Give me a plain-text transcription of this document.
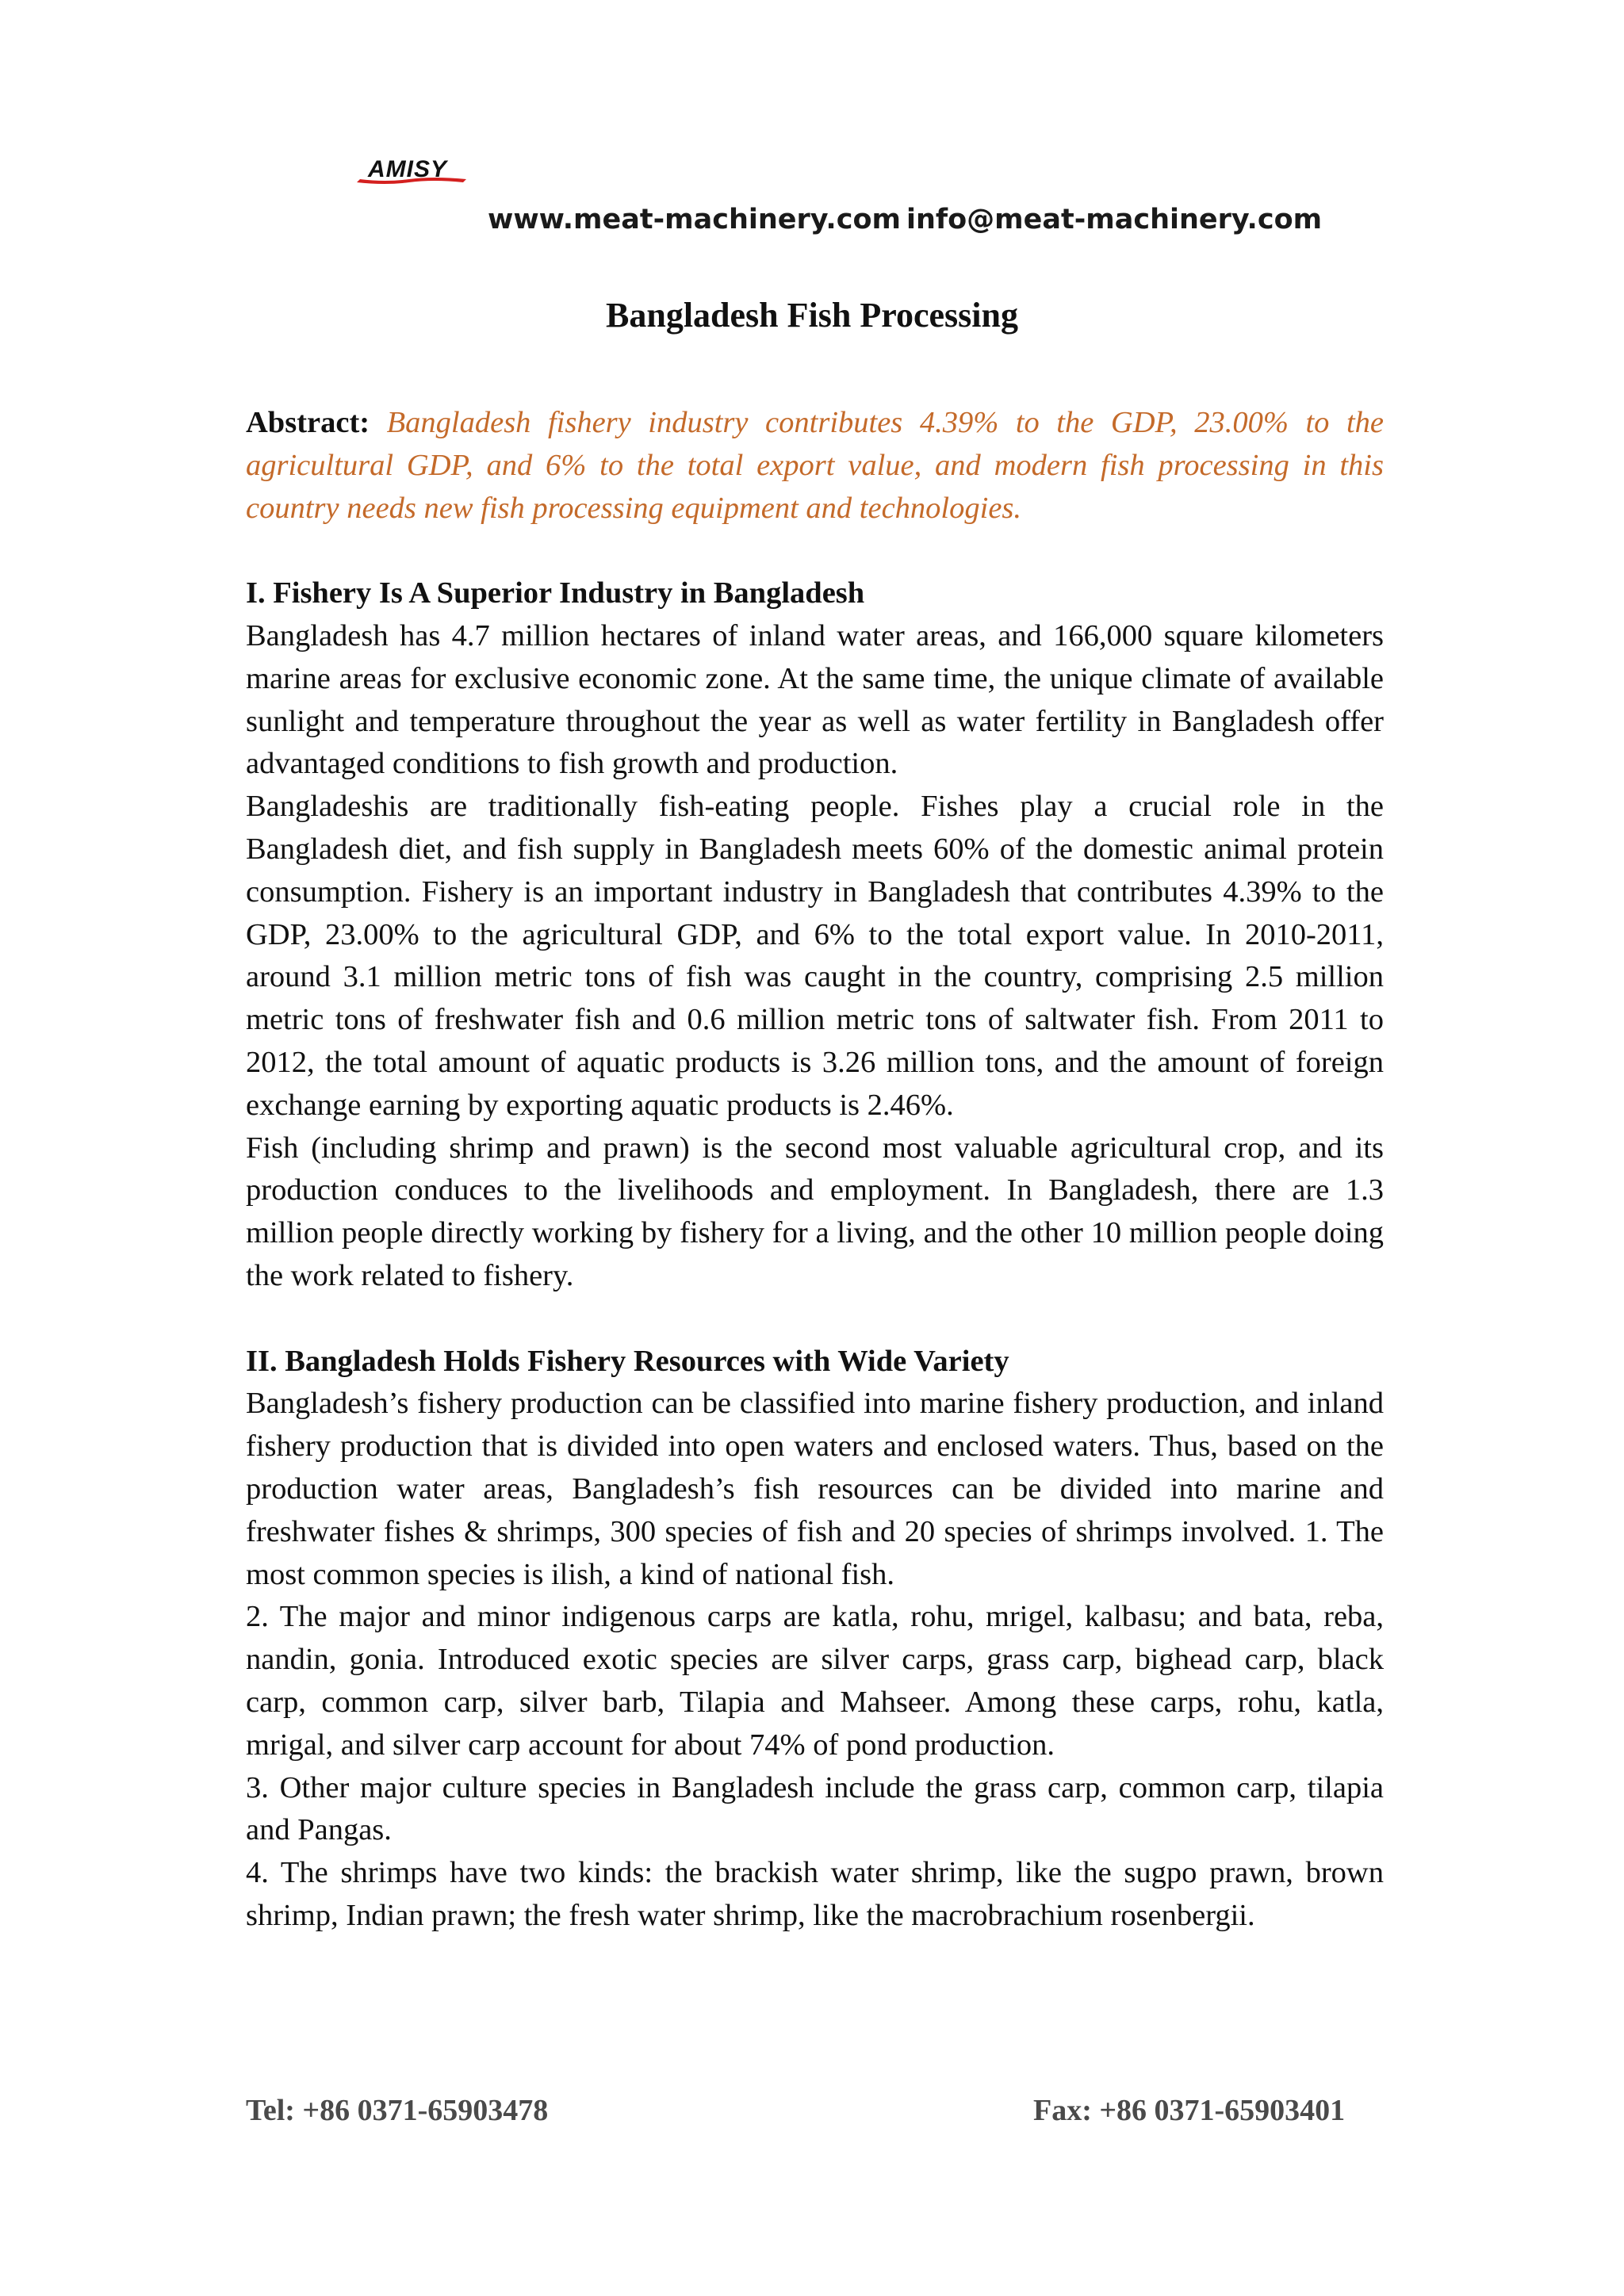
AMISY
www.meat-machinery.com info@meat-machinery.com
Bangladesh Fish Processing

Abstract: Bangladesh fishery industry contributes 4.39% to the GDP, 23.00% to the agricultural GDP, and 6% to the total export value, and modern fish processing in this country needs new fish processing equipment and technologies.

I. Fishery Is A Superior Industry in Bangladesh

Bangladesh has 4.7 million hectares of inland water areas, and 166,000 square kilometers marine areas for exclusive economic zone. At the same time, the unique climate of available sunlight and temperature throughout the year as well as water fertility in Bangladesh offer advantaged conditions to fish growth and production.

Bangladeshis are traditionally fish-eating people. Fishes play a crucial role in the Bangladesh diet, and fish supply in Bangladesh meets 60% of the domestic animal protein consumption. Fishery is an important industry in Bangladesh that contributes 4.39% to the GDP, 23.00% to the agricultural GDP, and 6% to the total export value. In 2010-2011, around 3.1 million metric tons of fish was caught in the country, comprising 2.5 million metric tons of freshwater fish and 0.6 million metric tons of saltwater fish. From 2011 to 2012, the total amount of aquatic products is 3.26 million tons, and the amount of foreign exchange earning by exporting aquatic products is 2.46%.

Fish (including shrimp and prawn) is the second most valuable agricultural crop, and its production conduces to the livelihoods and employment. In Bangladesh, there are 1.3 million people directly working by fishery for a living, and the other 10 million people doing the work related to fishery.

II. Bangladesh Holds Fishery Resources with Wide Variety

Bangladesh’s fishery production can be classified into marine fishery production, and inland fishery production that is divided into open waters and enclosed waters. Thus, based on the production water areas, Bangladesh’s fish resources can be divided into marine and freshwater fishes & shrimps, 300 species of fish and 20 species of shrimps involved. 1. The most common species is ilish, a kind of national fish.

2. The major and minor indigenous carps are katla, rohu, mrigel, kalbasu; and bata, reba, nandin, gonia. Introduced exotic species are silver carps, grass carp, bighead carp, black carp, common carp, silver barb, Tilapia and Mahseer. Among these carps, rohu, katla, mrigal, and silver carp account for about 74% of pond production.

3. Other major culture species in Bangladesh include the grass carp, common carp, tilapia and Pangas.

4. The shrimps have two kinds: the brackish water shrimp, like the sugpo prawn, brown shrimp, Indian prawn; the fresh water shrimp, like the macrobrachium rosenbergii.

Tel: +86 0371-65903478	Fax: +86 0371-65903401
